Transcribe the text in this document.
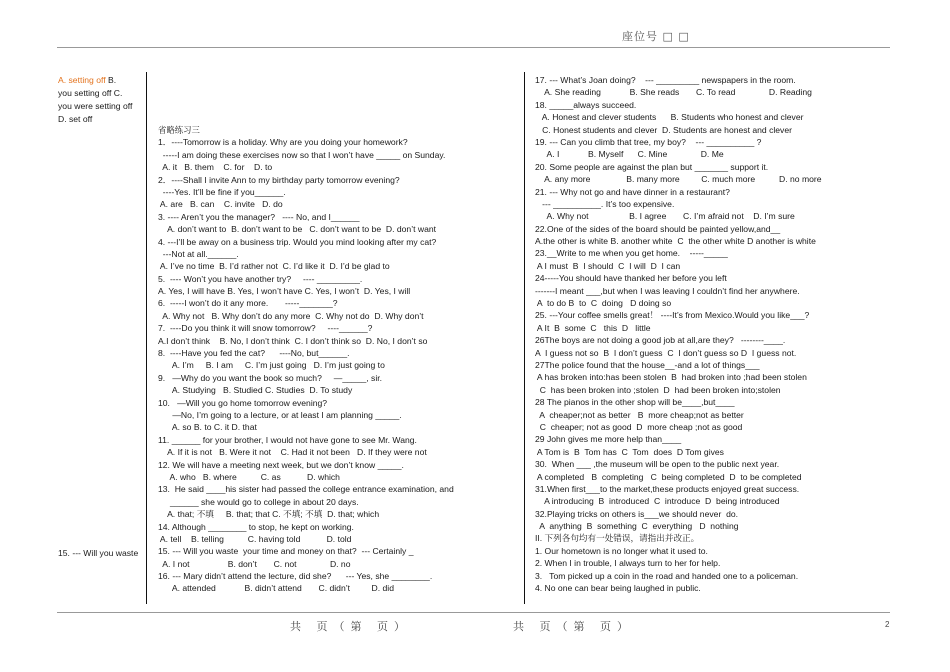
座位号 □ □
A. setting off B.
you setting off C.
you were setting off
D. set off
15. --- Will you waste
省略练习三
1．----Tomorrow is a holiday. Why are you doing your homework?
-----I am doing these exercises now so that I won’t have _____ on Sunday.
A. it   B. them    C. for    D. to
2．----Shall I invite Ann to my birthday party tomorrow evening?
----Yes. It’ll be fine if you______.
A. are   B. can    C. invite   D. do
3. ---- Aren’t you the manager?   ---- No, and I______
A. don’t want to  B. don’t want to be   C. don’t want to be  D. don’t want
4. ---I’ll be away on a business trip. Would you mind looking after my cat?
---Not at all.______.
A. I’ve no time  B. I’d rather not  C. I’d like it  D. I’d be glad to
5.  ---- Won’t you have another try?     ---- _________.
A. Yes, I will have B. Yes, I won’t have C. Yes, I won’t  D. Yes, I will
6.  -----I won’t do it any more.       -----_______?
A. Why not   B. Why don’t do any more  C. Why not do  D. Why don’t
7.  ----Do you think it will snow tomorrow?     ----______?
A.I don’t think    B. No, I don’t think  C. I don’t think so  D. No, I don’t so
8.  ----Have you fed the cat?      ----No, but______.
A. I’m     B. I am     C. I’m just going   D. I’m just going to
9.   —Why do you want the book so much?     —_____, sir.
A. Studying   B. Studied C. Studies  D. To study
10.   —Will you go home tomorrow evening?
—No, I’m going to a lecture, or at least I am planning _____.
A. so B. to C. it D. that
11. ______ for your brother, I would not have gone to see Mr. Wang.
A. If it is not   B. Were it not    C. Had it not been   D. If they were not
12. We will have a meeting next week, but we don’t know _____.
A. who   B. where          C. as           D. which
13.  He said ____his sister had passed the college entrance examination, and
______ she would go to college in about 20 days.
A. that; 不填     B. that; that C. 不填; 不填  D. that; which
14. Although ________ to stop, he kept on working.
A. tell    B. telling          C. having told           D. told
15. --- Will you waste  your time and money on that?  --- Certainly _
A. I not                B. don’t       C. not              D. no
16. --- Mary didn’t attend the lecture, did she?      --- Yes, she ________.
A. attended            B. didn’t attend       C. didn’t         D. did
17. --- What’s Joan doing?    --- _________ newspapers in the room.
A. She reading            B. She reads       C. To read              D. Reading
18. _____always succeed.
A. Honest and clever students      B. Students who honest and clever
C. Honest students and clever  D. Students are honest and clever
19. --- Can you climb that tree, my boy?    --- __________ ?
A. I            B. Myself      C. Mine              D. Me
20. Some people are against the plan but _______ support it.
A. any more               B. many more         C. much more          D. no more
21. --- Why not go and have dinner in a restaurant?
--- __________. It’s too expensive.
A. Why not                 B. I agree       C. I’m afraid not    D. I’m sure
22.One of the sides of the board should be painted yellow,and__
A.the other is white B. another white  C  the other white D another is white
23.__Write to me when you get home.    -----_____
A I must  B  I should  C  I will  D  I can
24-----You should have thanked her before you left
-------I meant ___,but when I was leaving I couldn’t find her anywhere.
A  to do B  to  C  doing   D doing so
25. ---Your coffee smells great！ ----It’s from Mexico.Would you like___?
A It  B  some  C   this  D   little
26The boys are not doing a good job at all,are they?   --------____.
A  I guess not so  B  I don’t guess  C  I don’t guess so D  I guess not.
27The police found that the house__-and a lot of things___
A has broken into:has been stolen  B  had broken into ;had been stolen
C  has been broken into ;stolen  D  had been broken into;stolen
28 The pianos in the other shop will be____,but____
A  cheaper;not as better   B  more cheap;not as better
C  cheaper; not as good  D  more cheap ;not as good
29 John gives me more help than____
A Tom is  B  Tom has  C  Tom  does  D Tom gives
30.  When ___ ,the museum will be open to the public next year.
A completed   B  completing   C  being completed  D  to be completed
31.When first___to the market,these products enjoyed great success.
A introducing  B  introduced  C  introduce  D  being introduced
32.Playing tricks on others is___we should never  do.
A  anything  B  something  C  everything   D  nothing
II. 下列各句均有一处错误，请指出并改正。
1. Our hometown is no longer what it used to.
2. When I in trouble, I always turn to her for help.
3.   Tom picked up a coin in the road and handed one to a policeman.
4. No one can bear being laughed in public.
共 页（第 页）	共 页（第 页）	2
